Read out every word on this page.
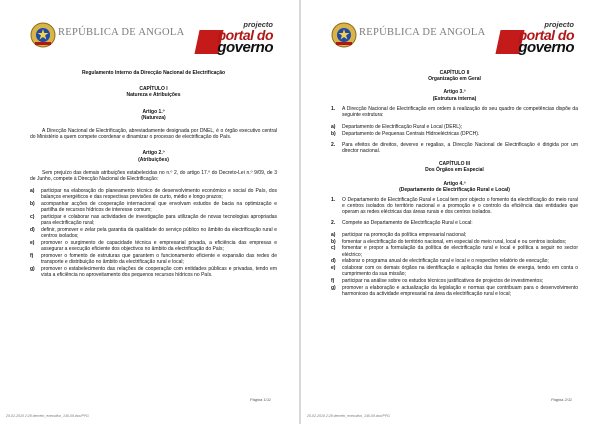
REPÚBLICA DE ANGOLA
projecto
portal do
governo
Regulamento Interno da Direcção Nacional de Electrificação
CAPÍTULO I
Natureza e Atribuições
Artigo 1.º
(Natureza)
A Direcção Nacional de Electrificação, abreviadamente designada por DNEL, é o órgão executivo central do Ministério a quem compete coordenar e dinamizar o processo de electrificação do País.
Artigo 2.º
(Atribuições)
Sem prejuízo das demais atribuições estabelecidas no n.º 2, do artigo 17.º do Decreto-Lei n.º 9/09, de 3 de Junho, compete à Direcção Nacional de Electrificação:
a) participar na elaboração do planeamento técnico de desenvolvimento económico e social do País, dos balanços energéticos e das respectivas previsões de curto, médio e longo prazos;
b) acompanhar acções de cooperação internacional que envolvam estudos de bacia na optimização e partilha de recursos hídricos de interesse comum;
c) participar e colaborar nas actividades de investigação para utilização de novas tecnologias apropriadas para electrificação rural;
d) definir, promover e zelar pela garantia da qualidade do serviço público no âmbito da electrificação rural e centros isolados;
e) promover o surgimento de capacidade técnica e empresarial privada, a eficiência das empresas e assegurar a execução eficiente dos objectivos no âmbito da electrificação do País;
f) promover o fomento de estruturas que garantem o funcionamento eficiente e expansão das redes de transporte e distribuição no âmbito da electrificação rural e local;
g) promover o estabelecimento das relações de cooperação com entidades públicas e privadas, tendo em vista a eficiência no aproveitamento dos pequenos recursos hídricos no País.
Página 1/11
25-02-2010 2:28 decreto_executivo_145-09.doc/PPG
REPÚBLICA DE ANGOLA
projecto
portal do
governo
CAPÍTULO II
Organização em Geral
Artigo 3.º
(Estrutura interna)
1. A Direcção Nacional de Electrificação em ordem à realização do seu quadro de competências dispõe da seguinte estrutura:
a) Departamento de Electrificação Rural e Local (DERL);
b) Departamento de Pequenas Centrais Hidroeléctricas (DPCH).
2. Para efeitos de direitos, deveres e regalias, a Direcção Nacional de Electrificação é dirigida por um director nacional.
CAPÍTULO III
Dos Órgãos em Especial
Artigo 4.º
(Departamento de Electrificação Rural e Local)
1. O Departamento de Electrificação Rural e Local tem por objecto o fomento da electrificação do meio rural e centros isolados do território nacional e a promoção e o controlo da eficiência das entidades que operam as redes eléctricas das áreas rurais e dos centros isolados.
2. Compete ao Departamento de Electrificação Rural e Local:
a) participar na promoção da política empresarial nacional;
b) fomentar a electrificação do território nacional, em especial do meio rural, local e ou centros isolados;
c) fomentar e propor a formulação da política de electrificação rural e local e política a seguir no sector eléctrico;
d) elaborar o programa anual de electrificação rural e local e o respectivo relatório de execução;
e) colaborar com os demais órgãos na identificação e aplicação das fontes de energia, tendo em conta o cumprimento da sua missão;
f) participar na análise sobre os estudos técnicos justificativos de projectos de investimentos;
g) promover a elaboração e actualização da legislação e normas que contribuam para o desenvolvimento harmonioso da actividade empresarial na área da electrificação rural e local;
Página 2/11
25-02-2010 2:28 decreto_executivo_145-09.doc/PPG
